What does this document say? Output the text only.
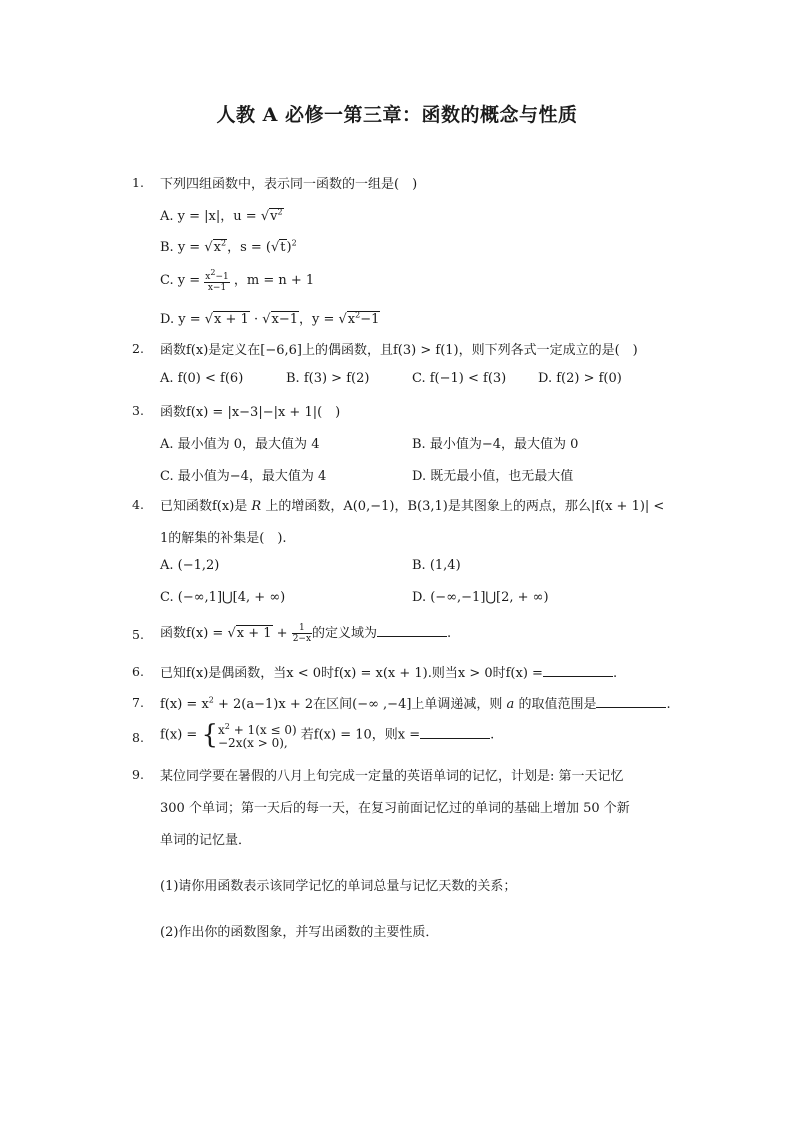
人教 A 必修一第三章：函数的概念与性质
1. 下列四组函数中，表示同一函数的一组是(　)
A. y = |x|，$u = √v^2$
B. $y = √x^2$，$s = (√t)^2$
C. $y = \frac{x^2-1}{x-1}$ ，m = n + 1
D. y = √x + 1 · √x−1，$y = √x^2-1$
2. 函数f(x)是定义在[−6,6]上的偶函数，且f(3) > f(1)，则下列各式一定成立的是(　)
A. f(0) < f(6)	B. f(3) > f(2)	C. f(−1) < f(3) D. f(2) > f(0)
3. 函数f(x) = |x−3|−|x + 1|(　)
A. 最小值为 0，最大值为 4	B. 最小值为−4，最大值为 0
C. 最小值为−4，最大值为 4	D. 既无最小值，也无最大值
4. 已知函数f(x)是 R 上的增函数，A(0,−1)，B(3,1)是其图象上的两点，那么|f(x + 1)| <
1的解集的补集是(　).
A. (−1,2)	B. (1,4)
C. (−∞,1]⋃[4, + ∞)	D. (−∞,−1]⋃[2, + ∞)
5. 函数$f(x) = √x + 1 + \frac{1}{2-x}$ 的定义域为	.
6. 已知f(x)是偶函数，当x < 0时f(x) = x(x + 1).则当x > 0时f(x) =	.
7. $f(x) = x^2 + 2(a-1)x + 2$在区间(−∞ ,−4]上单调递减，则 a 的取值范围是	.
8. $f(x) = \{x^2 + 1(x \le 0)$
−2x(x > 0), 若f(x) = 10，则x =	.
9. 某位同学要在暑假的八月上旬完成一定量的英语单词的记忆，计划是: 第一天记忆
300 个单词；第一天后的每一天，在复习前面记忆过的单词的基础上增加 50 个新
单词的记忆量．
(1)请你用函数表示该同学记忆的单词总量与记忆天数的关系；
(2)作出你的函数图象，并写出函数的主要性质．
